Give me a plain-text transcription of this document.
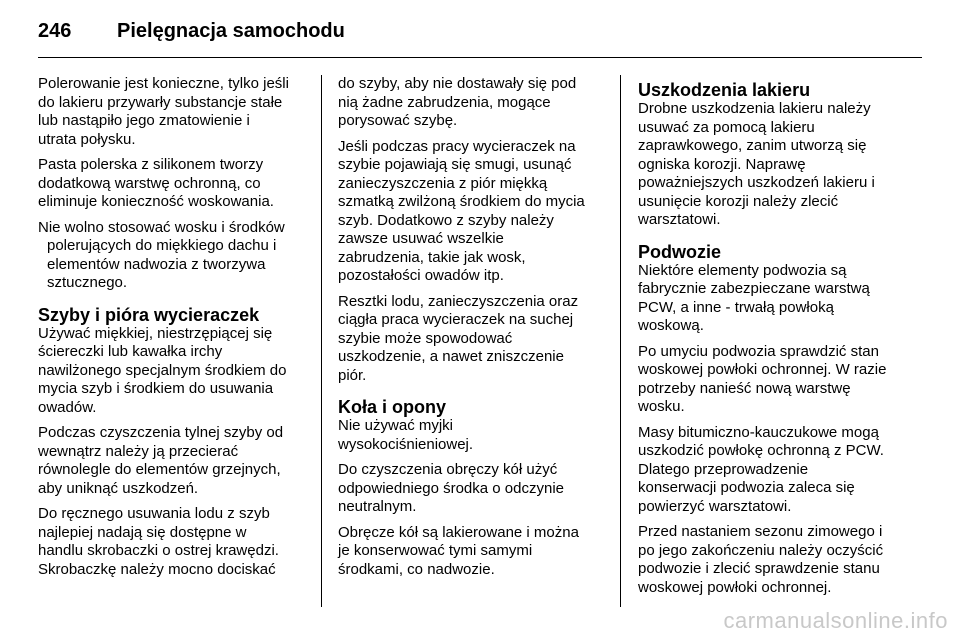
246 Pielęgnacja samochodu

Polerowanie jest konieczne, tylko jeśli
do lakieru przywarły substancje stałe
lub nastąpiło jego zmatowienie i
utrata połysku.

Pasta polerska z silikonem tworzy
dodatkową warstwę ochronną, co
eliminuje konieczność woskowania.

Nie wolno stosować wosku i środków
polerujących do miękkiego dachu i
elementów nadwozia z tworzywa
sztucznego.

Szyby i pióra wycieraczek

Używać miękkiej, niestrzępiącej się
ściereczki lub kawałka irchy
nawilżonego specjalnym środkiem do
mycia szyb i środkiem do usuwania
owadów.

Podczas czyszczenia tylnej szyby od
wewnątrz należy ją przecierać
równolegle do elementów grzejnych,
aby uniknąć uszkodzeń.

Do ręcznego usuwania lodu z szyb
najlepiej nadają się dostępne w
handlu skrobaczki o ostrej krawędzi.
Skrobaczkę należy mocno dociskać

do szyby, aby nie dostawały się pod
nią żadne zabrudzenia, mogące
porysować szybę.

Jeśli podczas pracy wycieraczek na
szybie pojawiają się smugi, usunąć
zanieczyszczenia z piór miękką
szmatką zwilżoną środkiem do mycia
szyb. Dodatkowo z szyby należy
zawsze usuwać wszelkie
zabrudzenia, takie jak wosk,
pozostałości owadów itp.

Resztki lodu, zanieczyszczenia oraz
ciągła praca wycieraczek na suchej
szybie może spowodować
uszkodzenie, a nawet zniszczenie
piór.

Koła i opony

Nie używać myjki
wysokociśnieniowej.

Do czyszczenia obręczy kół użyć
odpowiedniego środka o odczynie
neutralnym.

Obręcze kół są lakierowane i można
je konserwować tymi samymi
środkami, co nadwozie.

Uszkodzenia lakieru

Drobne uszkodzenia lakieru należy
usuwać za pomocą lakieru
zaprawkowego, zanim utworzą się
ogniska korozji. Naprawę
poważniejszych uszkodzeń lakieru i
usunięcie korozji należy zlecić
warsztatowi.

Podwozie

Niektóre elementy podwozia są
fabrycznie zabezpieczane warstwą
PCW, a inne - trwałą powłoką
woskową.

Po umyciu podwozia sprawdzić stan
woskowej powłoki ochronnej. W razie
potrzeby nanieść nową warstwę
wosku.

Masy bitumiczno-kauczukowe mogą
uszkodzić powłokę ochronną z PCW.
Dlatego przeprowadzenie
konserwacji podwozia zaleca się
powierzyć warsztatowi.

Przed nastaniem sezonu zimowego i
po jego zakończeniu należy oczyścić
podwozie i zlecić sprawdzenie stanu
woskowej powłoki ochronnej.

carmanualsonline.info
